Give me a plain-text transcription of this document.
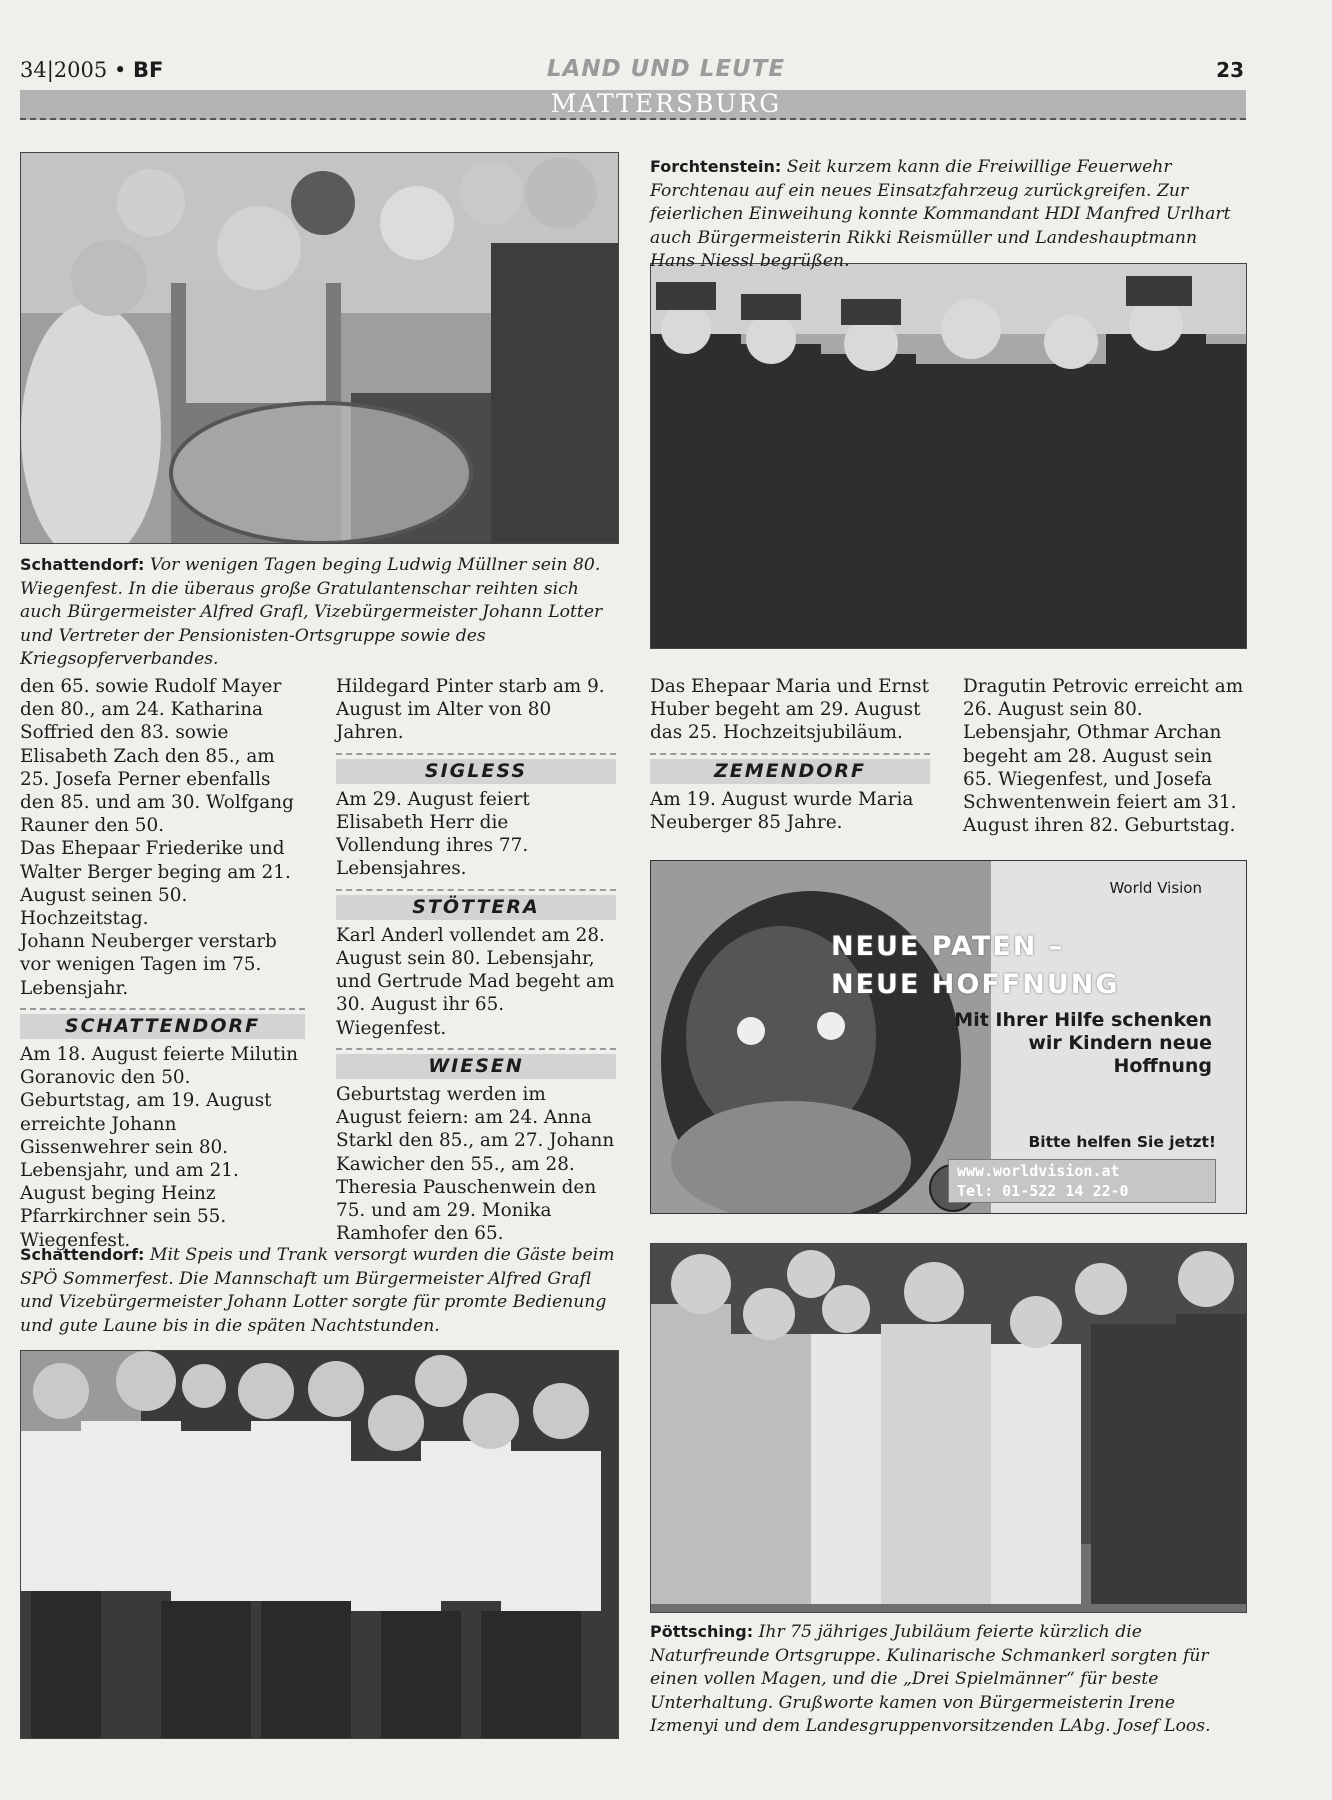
34|2005 • BF	LAND UND LEUTE	23
MATTERSBURG
Schattendorf: Vor wenigen Tagen beging Ludwig Müllner sein 80. Wiegenfest. In die überaus große Gratulantenschar reihten sich auch Bürgermeister Alfred Grafl, Vizebürgermeister Johann Lotter und Vertreter der Pensionisten-Ortsgruppe sowie des Kriegsopferverbandes.
Forchtenstein: Seit kurzem kann die Freiwillige Feuerwehr Forchtenau auf ein neues Einsatzfahrzeug zurückgreifen. Zur feierlichen Einweihung konnte Kommandant HDI Manfred Urlhart auch Bürgermeisterin Rikki Reismüller und Landeshauptmann Hans Niessl begrüßen.
Schattendorf: Mit Speis und Trank versorgt wurden die Gäste beim SPÖ Sommerfest. Die Mannschaft um Bürgermeister Alfred Grafl und Vizebürgermeister Johann Lotter sorgte für promte Bedienung und gute Laune bis in die späten Nachtstunden.
Pöttsching: Ihr 75 jähriges Jubiläum feierte kürzlich die Naturfreunde Ortsgruppe. Kulinarische Schmankerl sorgten für einen vollen Magen, und die „Drei Spielmänner“ für beste Unterhaltung. Grußworte kamen von Bürgermeisterin Irene Izmenyi und dem Landesgruppenvorsitzenden LAbg. Josef Loos.

den 65. sowie Rudolf Mayer den 80., am 24. Katharina Soffried den 83. sowie Elisabeth Zach den 85., am 25. Josefa Perner ebenfalls den 85. und am 30. Wolfgang Rauner den 50.

Das Ehepaar Friederike und Walter Berger beging am 21. August seinen 50. Hochzeitstag.

Johann Neuberger verstarb vor wenigen Tagen im 75. Lebensjahr.

SCHATTENDORF

Am 18. August feierte Milutin Goranovic den 50. Geburtstag, am 19. August erreichte Johann Gissenwehrer sein 80. Lebensjahr, und am 21. August beging Heinz Pfarrkirchner sein 55. Wiegenfest.

Hildegard Pinter starb am 9. August im Alter von 80 Jahren.

SIGLESS

Am 29. August feiert Elisabeth Herr die Vollendung ihres 77. Lebensjahres.

STÖTTERA

Karl Anderl vollendet am 28. August sein 80. Lebensjahr, und Gertrude Mad begeht am 30. August ihr 65. Wiegenfest.

WIESEN

Geburtstag werden im August feiern: am 24. Anna Starkl den 85., am 27. Johann Kawicher den 55., am 28. Theresia Pauschenwein den 75. und am 29. Monika Ramhofer den 65.

Das Ehepaar Maria und Ernst Huber begeht am 29. August das 25. Hochzeitsjubiläum.

ZEMENDORF

Am 19. August wurde Maria Neuberger 85 Jahre.

Dragutin Petrovic erreicht am 26. August sein 80. Lebensjahr, Othmar Archan begeht am 28. August sein 65. Wiegenfest, und Josefa Schwentenwein feiert am 31. August ihren 82. Geburtstag.

World Vision
NEUE PATEN –
NEUE HOFFNUNG
Mit Ihrer Hilfe schenken wir Kindern neue Hoffnung
Bitte helfen Sie jetzt!
www.worldvision.at
Tel: 01-522 14 22-0
